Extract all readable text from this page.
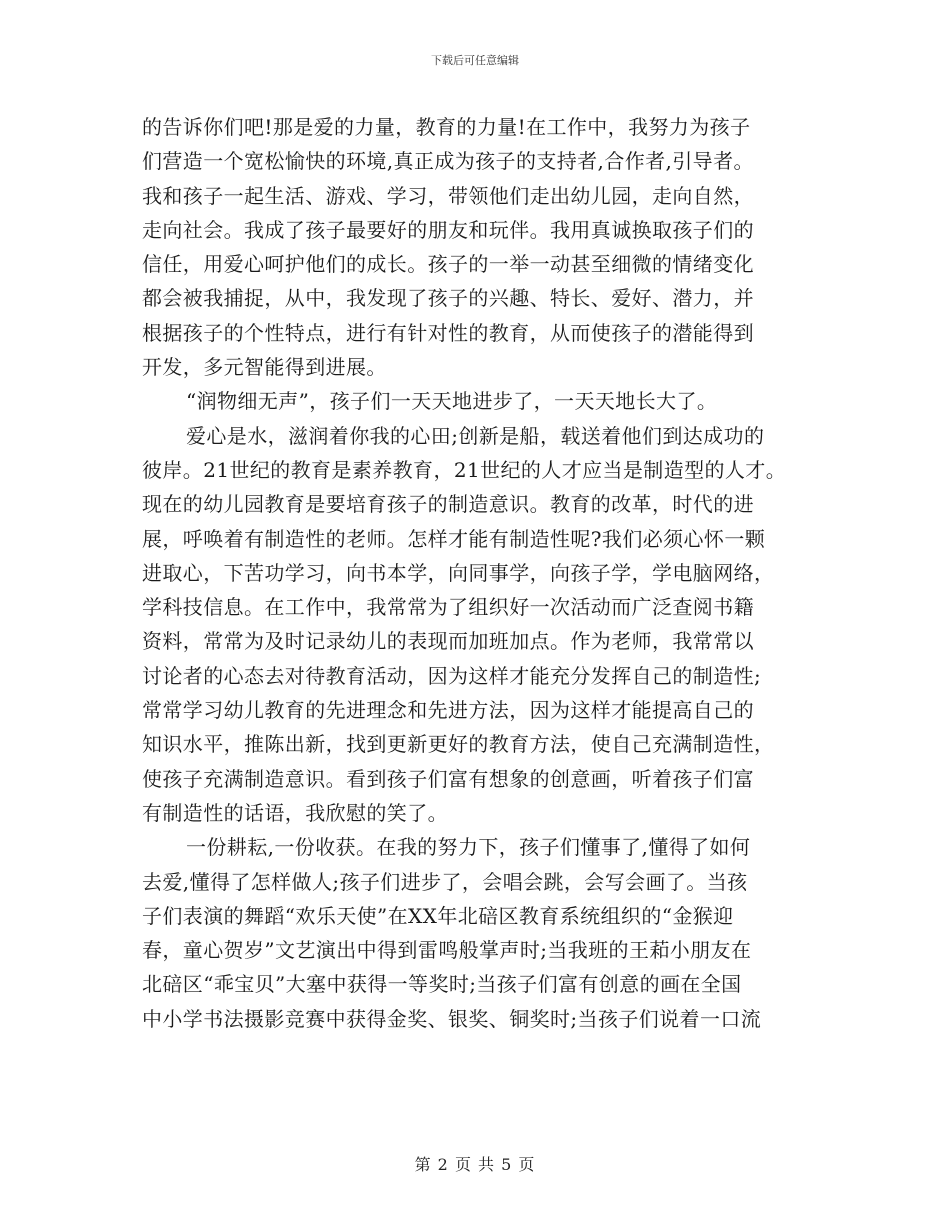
下载后可任意编辑
的告诉你们吧!那是爱的力量，教育的力量!在工作中，我努力为孩子
们营造一个宽松愉快的环境,真正成为孩子的支持者,合作者,引导者。
我和孩子一起生活、游戏、学习，带领他们走出幼儿园，走向自然，
走向社会。我成了孩子最要好的朋友和玩伴。我用真诚换取孩子们的
信任，用爱心呵护他们的成长。孩子的一举一动甚至细微的情绪变化
都会被我捕捉，从中，我发现了孩子的兴趣、特长、爱好、潜力，并
根据孩子的个性特点，进行有针对性的教育，从而使孩子的潜能得到
开发，多元智能得到进展。
“润物细无声”，孩子们一天天地进步了，一天天地长大了。
爱心是水，滋润着你我的心田;创新是船，载送着他们到达成功的
彼岸。21世纪的教育是素养教育，21世纪的人才应当是制造型的人才。
现在的幼儿园教育是要培育孩子的制造意识。教育的改革，时代的进
展，呼唤着有制造性的老师。怎样才能有制造性呢?我们必须心怀一颗
进取心，下苦功学习，向书本学，向同事学，向孩子学，学电脑网络，
学科技信息。在工作中，我常常为了组织好一次活动而广泛查阅书籍
资料，常常为及时记录幼儿的表现而加班加点。作为老师，我常常以
讨论者的心态去对待教育活动，因为这样才能充分发挥自己的制造性;
常常学习幼儿教育的先进理念和先进方法，因为这样才能提高自己的
知识水平，推陈出新，找到更新更好的教育方法，使自己充满制造性，
使孩子充满制造意识。看到孩子们富有想象的创意画，听着孩子们富
有制造性的话语，我欣慰的笑了。
一份耕耘,一份收获。在我的努力下，孩子们懂事了,懂得了如何
去爱,懂得了怎样做人;孩子们进步了，会唱会跳，会写会画了。当孩
子们表演的舞蹈“欢乐天使”在XX年北碚区教育系统组织的“金猴迎
春，童心贺岁”文艺演出中得到雷鸣般掌声时;当我班的王萂小朋友在
北碚区“乖宝贝”大塞中获得一等奖时;当孩子们富有创意的画在全国
中小学书法摄影竞赛中获得金奖、银奖、铜奖时;当孩子们说着一口流
第 2 页 共 5 页
